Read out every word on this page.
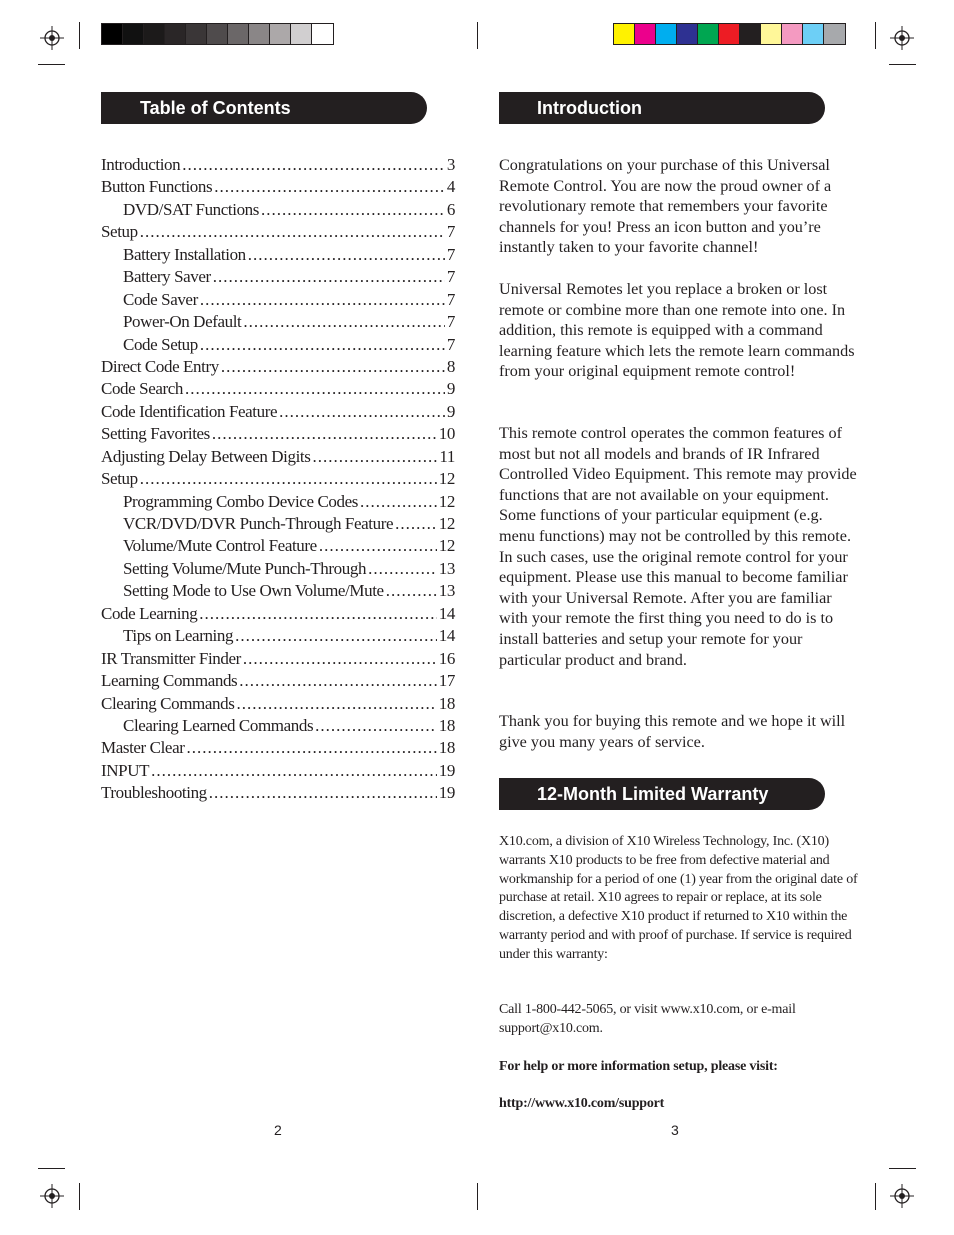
Table of Contents
Introduction .....	3
Button Functions .....	4
DVD/SAT Functions .....	6
Setup .....	7
Battery Installation .....	7
Battery Saver .....	7
Code Saver .....	7
Power-On Default .....	7
Code Setup .....	7
Direct Code Entry .....	8
Code Search .....	9
Code Identification Feature .....	9
Setting Favorites .....	10
Adjusting Delay Between Digits .....	11
Setup .....	12
Programming Combo Device Codes .....	12
VCR/DVD/DVR Punch-Through Feature .....	12
Volume/Mute Control Feature .....	12
Setting Volume/Mute Punch-Through .....	13
Setting Mode to Use Own Volume/Mute .....	13
Code Learning .....	14
Tips on Learning .....	14
IR Transmitter Finder .....	16
Learning Commands .....	17
Clearing Commands .....	18
Clearing Learned Commands .....	18
Master Clear .....	18
INPUT .....	19
Troubleshooting .....	19
2
Introduction

Congratulations on your purchase of this Universal Remote Control. You are now the proud owner of a revolutionary remote that remembers your favorite channels for you! Press an icon button and you’re instantly taken to your favorite channel!

Universal Remotes let you replace a broken or lost remote or combine more than one remote into one. In addition, this remote is equipped with a command learning feature which lets the remote learn commands from your original equipment remote control!

This remote control operates the common features of most but not all models and brands of IR Infrared Controlled Video Equipment. This remote may provide functions that are not available on your equipment. Some functions of your particular equipment (e.g. menu functions) may not be controlled by this remote. In such cases, use the original remote control for your equipment. Please use this manual to become familiar with your Universal Remote. After you are familiar with your remote the first thing you need to do is to install batteries and setup your remote for your particular product and brand.

Thank you for buying this remote and we hope it will give you many years of service.

12-Month Limited Warranty

X10.com, a division of X10 Wireless Technology, Inc. (X10) warrants X10 products to be free from defective material and workmanship for a period of one (1) year from the original date of purchase at retail. X10 agrees to repair or replace, at its sole discretion, a defective X10 product if returned to X10 within the warranty period and with proof of purchase. If service is required under this warranty:

Call 1-800-442-5065, or visit www.x10.com, or e-mail support@x10.com.

For help or more information setup, please visit:

http://www.x10.com/support

3
